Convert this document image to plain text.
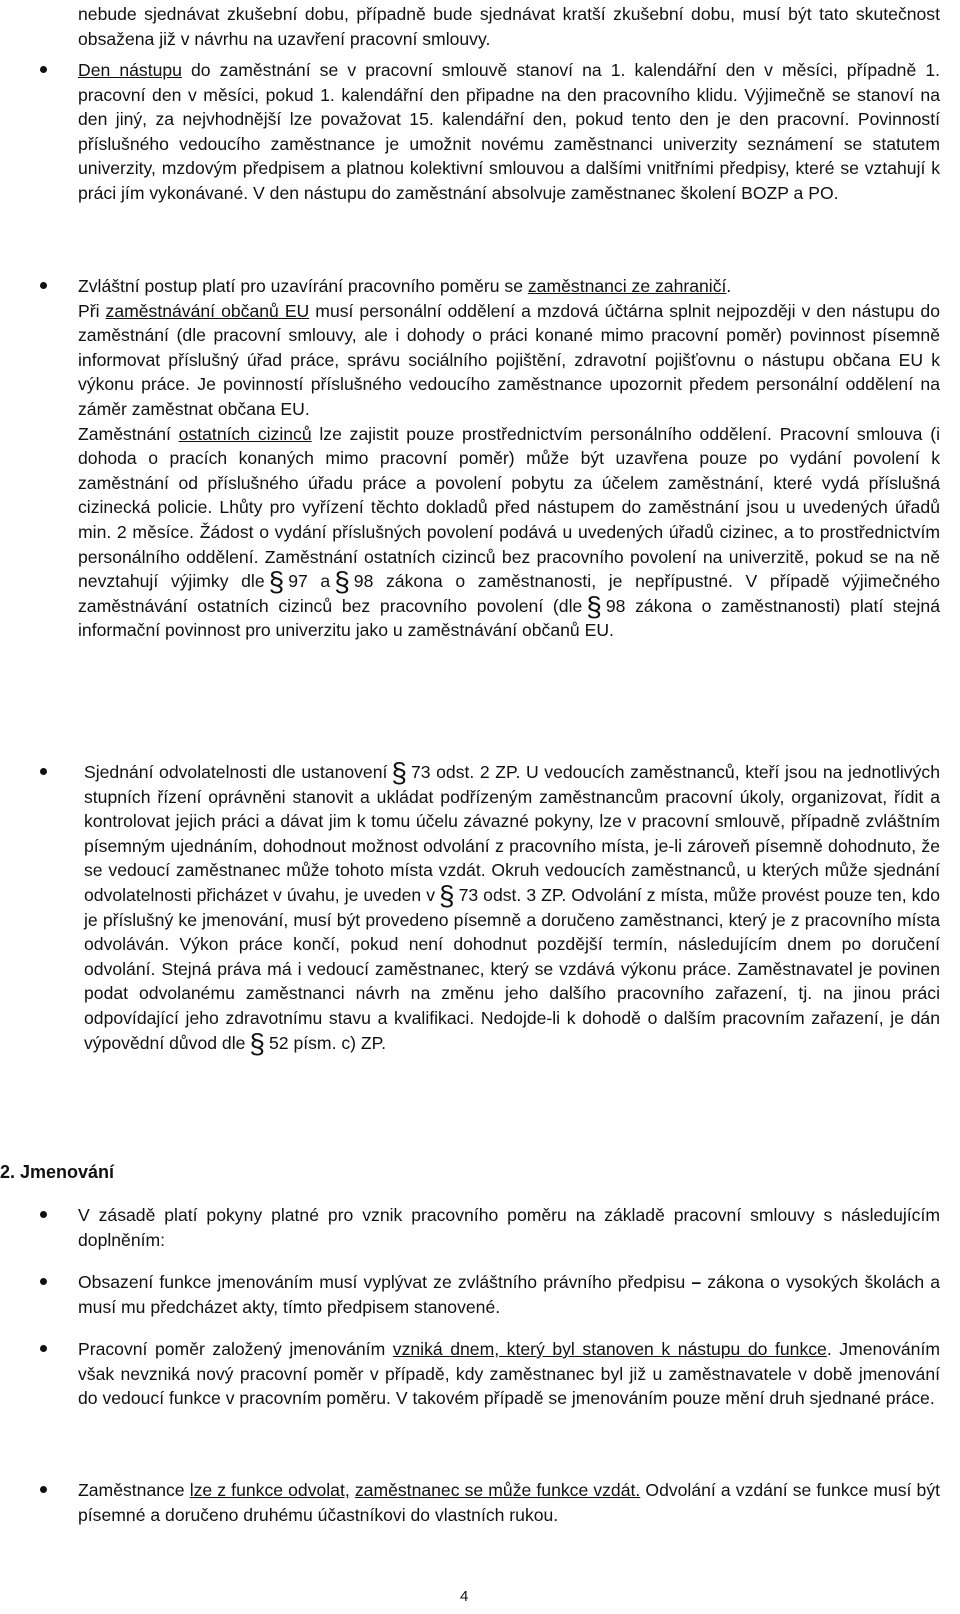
nebude sjednávat zkušební dobu, případně bude sjednávat kratší zkušební dobu, musí být tato skutečnost obsažena již v návrhu na uzavření pracovní smlouvy.
Den nástupu do zaměstnání se v pracovní smlouvě stanoví na 1. kalendářní den v měsíci, případně 1. pracovní den v měsíci, pokud 1. kalendářní den připadne na den pracovního klidu. Výjimečně se stanoví na den jiný, za nejvhodnější lze považovat 15. kalendářní den, pokud tento den je den pracovní. Povinností příslušného vedoucího zaměstnance je umožnit novému zaměstnanci univerzity seznámení se statutem univerzity, mzdovým předpisem a platnou kolektivní smlouvou a dalšími vnitřními předpisy, které se vztahují k práci jím vykonávané. V den nástupu do zaměstnání absolvuje zaměstnanec školení BOZP a PO.
Zvláštní postup platí pro uzavírání pracovního poměru se zaměstnanci ze zahraničí.
Při zaměstnávání občanů EU musí personální oddělení a mzdová účtárna splnit nejpozději v den nástupu do zaměstnání (dle pracovní smlouvy, ale i dohody o práci konané mimo pracovní poměr) povinnost písemně informovat příslušný úřad práce, správu sociálního pojištění, zdravotní pojišťovnu o nástupu občana EU k výkonu práce. Je povinností příslušného vedoucího zaměstnance upozornit předem personální oddělení na záměr zaměstnat občana EU.
Zaměstnání ostatních cizinců lze zajistit pouze prostřednictvím personálního oddělení. Pracovní smlouva (i dohoda o pracích konaných mimo pracovní poměr) může být uzavřena pouze po vydání povolení k zaměstnání od příslušného úřadu práce a povolení pobytu za účelem zaměstnání, které vydá příslušná cizinecká policie. Lhůty pro vyřízení těchto dokladů před nástupem do zaměstnání jsou u uvedených úřadů min. 2 měsíce. Žádost o vydání příslušných povolení podává u uvedených úřadů cizinec, a to prostřednictvím personálního oddělení. Zaměstnání ostatních cizinců bez pracovního povolení na univerzitě, pokud se na ně nevztahují výjimky dle § 97 a § 98 zákona o zaměstnanosti, je nepřípustné. V případě výjimečného zaměstnávání ostatních cizinců bez pracovního povolení (dle § 98 zákona o zaměstnanosti) platí stejná informační povinnost pro univerzitu jako u zaměstnávání občanů EU.
Sjednání odvolatelnosti dle ustanovení § 73 odst. 2 ZP. U vedoucích zaměstnanců, kteří jsou na jednotlivých stupních řízení oprávněni stanovit a ukládat podřízeným zaměstnancům pracovní úkoly, organizovat, řídit a kontrolovat jejich práci a dávat jim k tomu účelu závazné pokyny, lze v pracovní smlouvě, případně zvláštním písemným ujednáním, dohodnout možnost odvolání z pracovního místa, je-li zároveň písemně dohodnuto, že se vedoucí zaměstnanec může tohoto místa vzdát. Okruh vedoucích zaměstnanců, u kterých může sjednání odvolatelnosti přicházet v úvahu, je uveden v § 73 odst. 3 ZP. Odvolání z místa, může provést pouze ten, kdo je příslušný ke jmenování, musí být provedeno písemně a doručeno zaměstnanci, který je z pracovního místa odvoláván. Výkon práce končí, pokud není dohodnut pozdější termín, následujícím dnem po doručení odvolání. Stejná práva má i vedoucí zaměstnanec, který se vzdává výkonu práce. Zaměstnavatel je povinen podat odvolanému zaměstnanci návrh na změnu jeho dalšího pracovního zařazení, tj. na jinou práci odpovídající jeho zdravotnímu stavu a kvalifikaci. Nedojde-li k dohodě o dalším pracovním zařazení, je dán výpovědní důvod dle § 52 písm. c) ZP.
2. Jmenování
V zásadě platí pokyny platné pro vznik pracovního poměru na základě pracovní smlouvy s následujícím doplněním:
Obsazení funkce jmenováním musí vyplývat ze zvláštního právního předpisu – zákona o vysokých školách a musí mu předcházet akty, tímto předpisem stanovené.
Pracovní poměr založený jmenováním vzniká dnem, který byl stanoven k nástupu do funkce. Jmenováním však nevzniká nový pracovní poměr v případě, kdy zaměstnanec byl již u zaměstnavatele v době jmenování do vedoucí funkce v pracovním poměru. V takovém případě se jmenováním pouze mění druh sjednané práce.
Zaměstnance lze z funkce odvolat, zaměstnanec se může funkce vzdát. Odvolání a vzdání se funkce musí být písemné a doručeno druhému účastníkovi do vlastních rukou.
4
